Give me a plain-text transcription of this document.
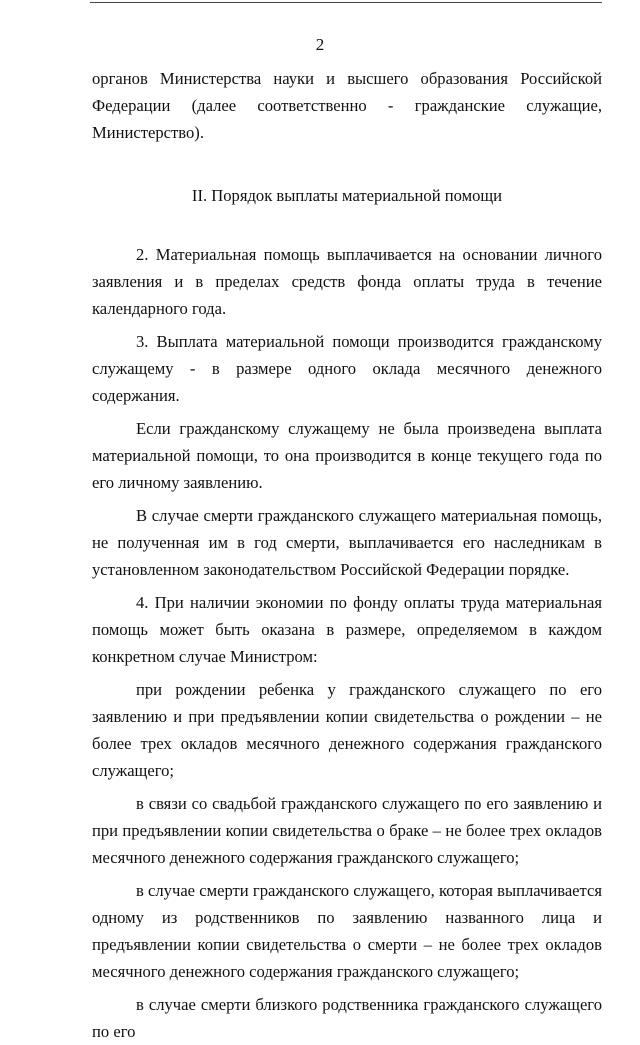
2

органов Министерства науки и высшего образования Российской Федерации (далее соответственно - гражданские служащие, Министерство).

II. Порядок выплаты материальной помощи

2. Материальная помощь выплачивается на основании личного заявления и в пределах средств фонда оплаты труда в течение календарного года.

3. Выплата материальной помощи производится гражданскому служащему - в размере одного оклада месячного денежного содержания.

Если гражданскому служащему не была произведена выплата материальной помощи, то она производится в конце текущего года по его личному заявлению.

В случае смерти гражданского служащего материальная помощь, не полученная им в год смерти, выплачивается его наследникам в установленном законодательством Российской Федерации порядке.

4. При наличии экономии по фонду оплаты труда материальная помощь может быть оказана в размере, определяемом в каждом конкретном случае Министром:

при рождении ребенка у гражданского служащего по его заявлению и при предъявлении копии свидетельства о рождении – не более трех окладов месячного денежного содержания гражданского служащего;

в связи со свадьбой гражданского служащего по его заявлению и при предъявлении копии свидетельства о браке – не более трех окладов месячного денежного содержания гражданского служащего;

в случае смерти гражданского служащего, которая выплачивается одному из родственников по заявлению названного лица и предъявлении копии свидетельства о смерти – не более трех окладов месячного денежного содержания гражданского служащего;

в случае смерти близкого родственника гражданского служащего по его
